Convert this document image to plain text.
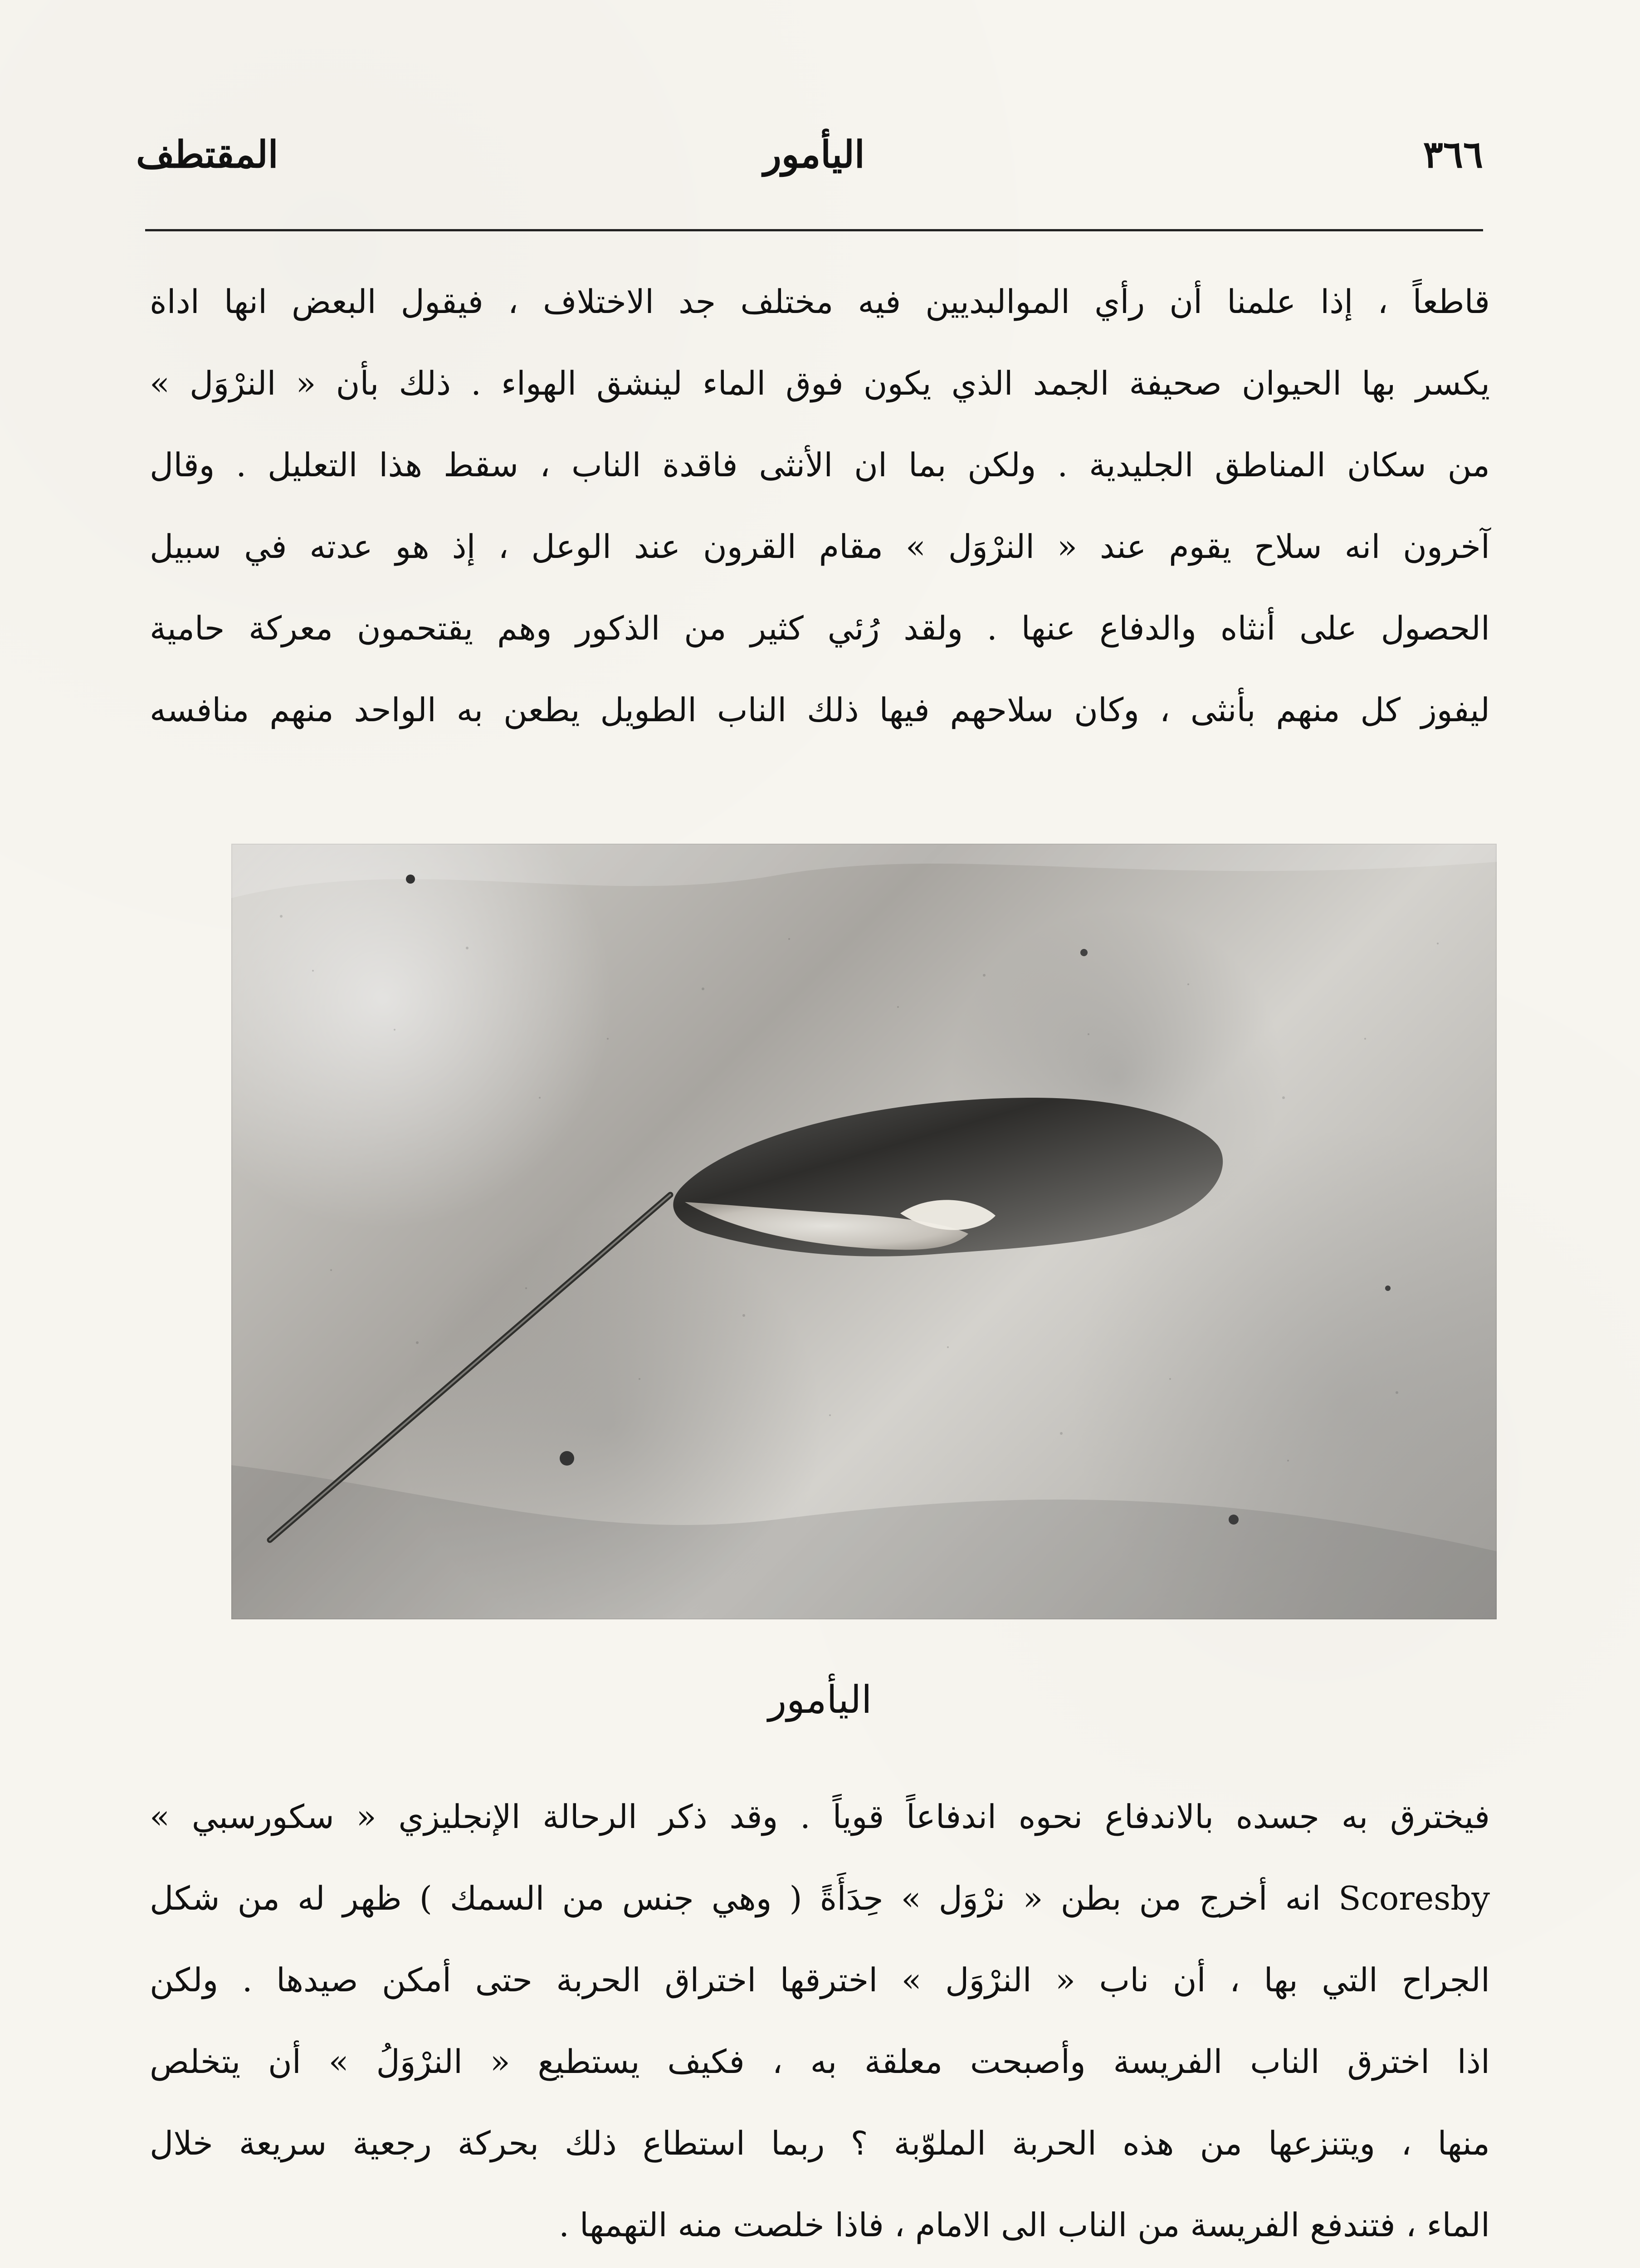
٣٦٦
اليأمور
المقتطف

قاطعاً ، إذا علمنا أن رأي الموالبديين فيه مختلف جد الاختلاف ، فيقول البعض انها اداة

يكسر بها الحيوان صحيفة الجمد الذي يكون فوق الماء لينشق الهواء . ذلك بأن « النرْوَل »

من سكان المناطق الجليدية . ولكن بما ان الأنثى فاقدة الناب ، سقط هذا التعليل . وقال

آخرون انه سلاح يقوم عند « النرْوَل » مقام القرون عند الوعل ، إذ هو عدته في سبيل

الحصول على أنثاه والدفاع عنها . ولقد رُئي كثير من الذكور وهم يقتحمون معركة حامية

ليفوز كل منهم بأنثى ، وكان سلاحهم فيها ذلك الناب الطويل يطعن به الواحد منهم منافسه

اليأمور

فيخترق به جسده بالاندفاع نحوه اندفاعاً قوياً . وقد ذكر الرحالة الإنجليزي « سكورسبي »

Scoresby انه أخرج من بطن « نرْوَل » حِدَأَةً ( وهي جنس من السمك ) ظهر له من شكل

الجراح التي بها ، أن ناب « النرْوَل » اخترقها اختراق الحربة حتى أمكن صيدها . ولكن

اذا اخترق الناب الفريسة وأصبحت معلقة به ، فكيف يستطيع « النرْوَلُ » أن يتخلص

منها ، ويتنزعها من هذه الحربة الملوّبة ؟ ربما استطاع ذلك بحركة رجعية سريعة خلال

الماء ، فتندفع الفريسة من الناب الى الامام ، فاذا خلصت منه التهمها .
